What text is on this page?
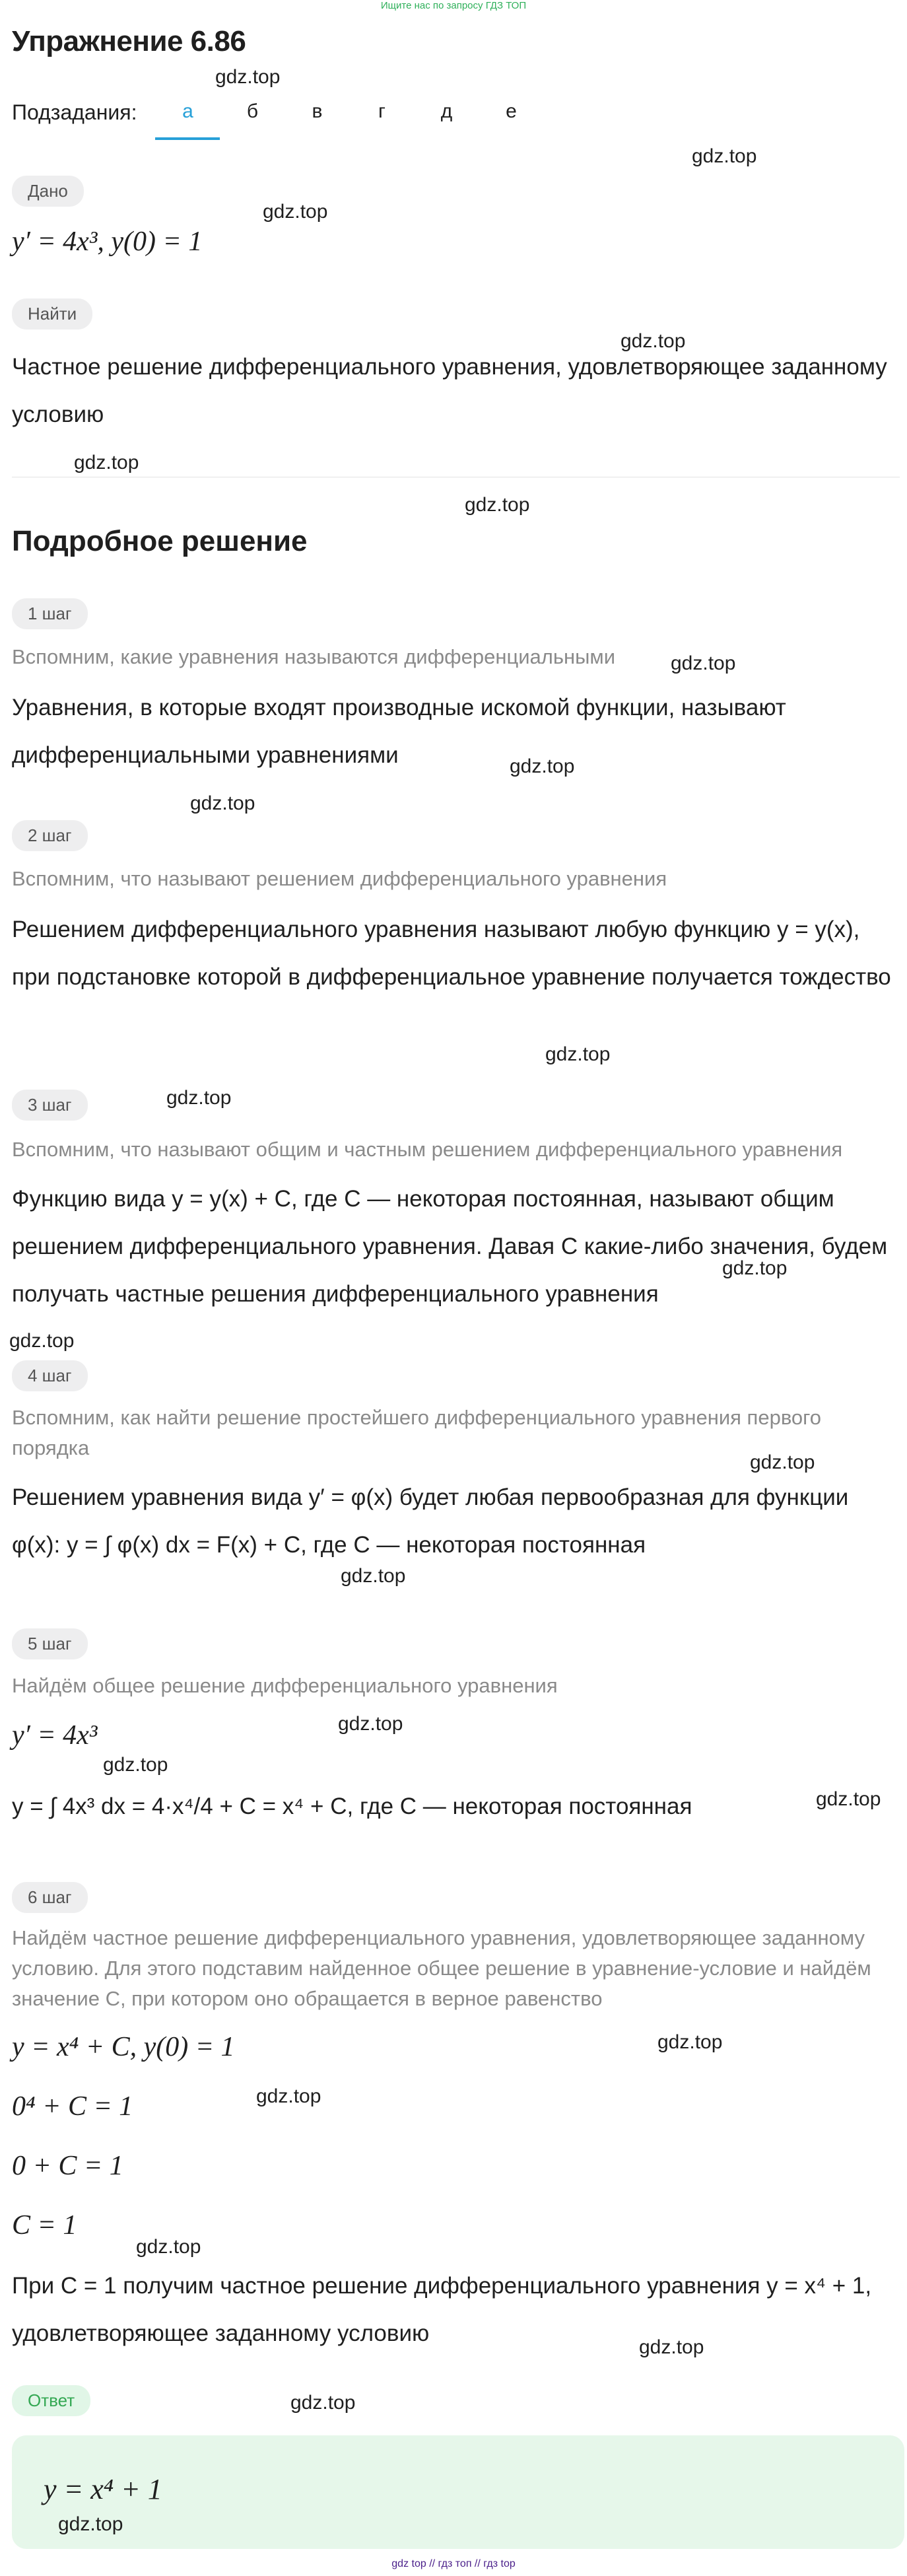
Ищите нас по запросу ГДЗ ТОП
Упражнение 6.86
Подзадания:	а	б	в	г	д	е
Дано
y′ = 4x³, y(0) = 1
Найти
Частное решение дифференциального уравнения, удовлетворяющее заданному условию
Подробное решение
1 шаг
Вспомним, какие уравнения называются дифференциальными
Уравнения, в которые входят производные искомой функции, называют дифференциальными уравнениями
2 шаг
Вспомним, что называют решением дифференциального уравнения
Решением дифференциального уравнения называют любую функцию y = y(x), при подстановке которой в дифференциальное уравнение получается тождество
3 шаг
Вспомним, что называют общим и частным решением дифференциального уравнения
Функцию вида y = y(x) + C, где C — некоторая постоянная, называют общим решением дифференциального уравнения. Давая C какие-либо значения, будем получать частные решения дифференциального уравнения
4 шаг
Вспомним, как найти решение простейшего дифференциального уравнения первого порядка
Решением уравнения вида y′ = φ(x) будет любая первообразная для функции φ(x): y = ∫ φ(x) dx = F(x) + C, где C — некоторая постоянная
5 шаг
Найдём общее решение дифференциального уравнения
y′ = 4x³
y = ∫ 4x³ dx = 4·x⁴/4 + C = x⁴ + C, где C — некоторая постоянная
6 шаг
Найдём частное решение дифференциального уравнения, удовлетворяющее заданному условию. Для этого подставим найденное общее решение в уравнение-условие и найдём значение C, при котором оно обращается в верное равенство
y = x⁴ + C, y(0) = 1
0⁴ + C = 1
0 + C = 1
C = 1
При C = 1 получим частное решение дифференциального уравнения y = x⁴ + 1, удовлетворяющее заданному условию
Ответ
y = x⁴ + 1
gdz.top
gdz.top
gdz.top
gdz.top
gdz.top
gdz.top
gdz.top
gdz.top
gdz.top
gdz.top
gdz.top
gdz.top
gdz.top
gdz.top
gdz.top
gdz.top
gdz.top
gdz.top
gdz.top
gdz.top
gdz.top
gdz.top
gdz.top
gdz.top
gdz top // гдз топ // гдз top
